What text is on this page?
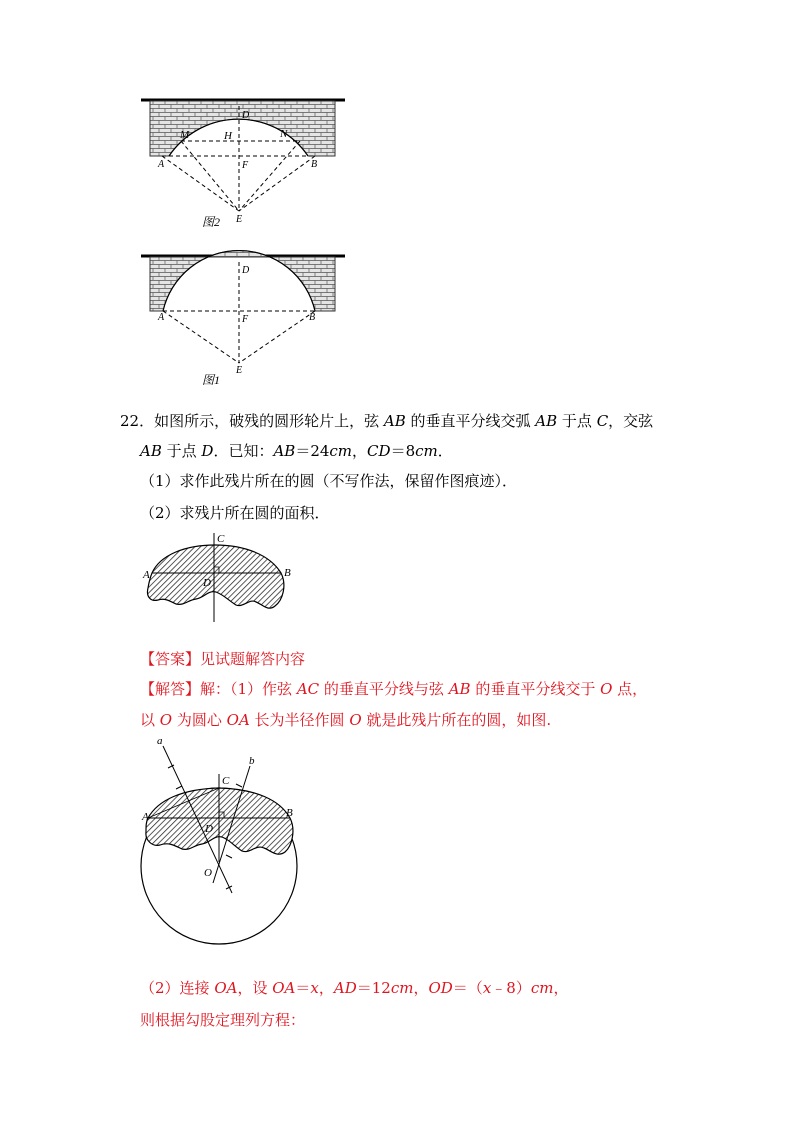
D
M	H	N
A	F	B
E
图2
D
A	F	B
E
图1
C
A	B
D
a
b
C
A	B
D
O
22．如图所示，破残的圆形轮片上，弦 AB 的垂直平分线交弧 AB 于点 C，交弦
AB 于点 D．已知：AB＝24cm，CD＝8cm．
（1）求作此残片所在的圆（不写作法，保留作图痕迹）．
（2）求残片所在圆的面积．
【答案】见试题解答内容
【解答】解：（1）作弦 AC 的垂直平分线与弦 AB 的垂直平分线交于 O 点，
以 O 为圆心 OA 长为半径作圆 O 就是此残片所在的圆，如图.
（2）连接 OA，设 OA＝x，AD＝12cm，OD＝（x﹣8）cm，
则根据勾股定理列方程：
